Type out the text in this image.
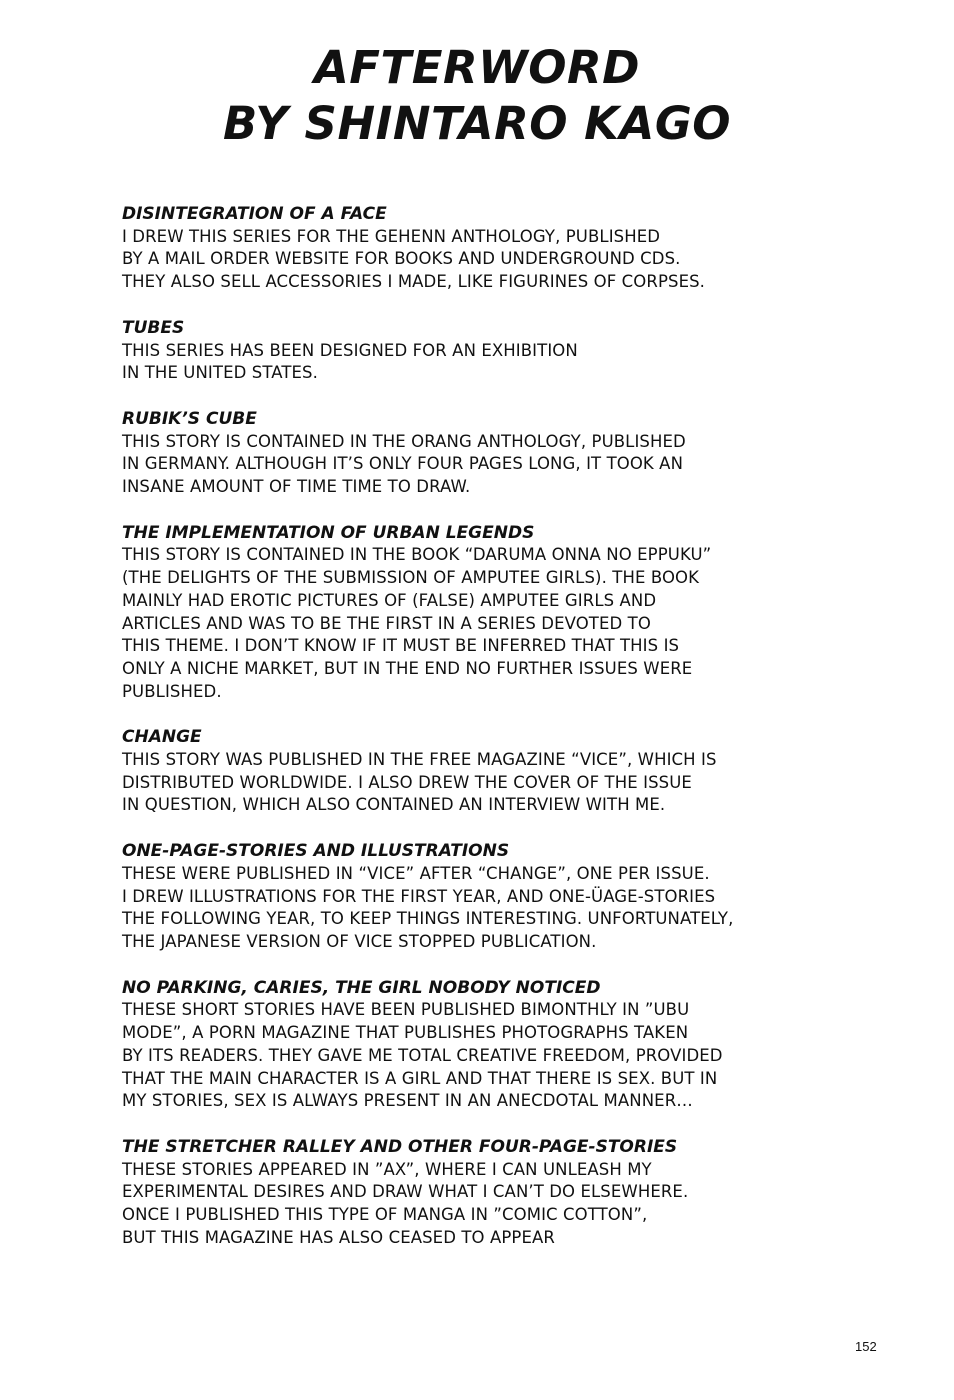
AFTERWORD
BY SHINTARO KAGO

DISINTEGRATION OF A FACE

I DREW THIS SERIES FOR THE GEHENN ANTHOLOGY, PUBLISHED

BY A MAIL ORDER WEBSITE FOR BOOKS AND UNDERGROUND CDS.

THEY ALSO SELL ACCESSORIES I MADE, LIKE FIGURINES OF CORPSES.

TUBES

THIS SERIES HAS BEEN DESIGNED FOR AN EXHIBITION

IN THE UNITED STATES.

RUBIK’S CUBE

THIS STORY IS CONTAINED IN THE ORANG ANTHOLOGY, PUBLISHED

IN GERMANY. ALTHOUGH IT’S ONLY FOUR PAGES LONG, IT TOOK AN

INSANE AMOUNT OF TIME TIME TO DRAW.

THE IMPLEMENTATION OF URBAN LEGENDS

THIS STORY IS CONTAINED IN THE BOOK “DARUMA ONNA NO EPPUKU”

(THE DELIGHTS OF THE SUBMISSION OF AMPUTEE GIRLS). THE BOOK

MAINLY HAD EROTIC PICTURES OF (FALSE) AMPUTEE GIRLS AND

ARTICLES AND WAS TO BE THE FIRST IN A SERIES DEVOTED TO

THIS THEME. I DON’T KNOW IF IT MUST BE INFERRED THAT THIS IS

ONLY A NICHE MARKET, BUT IN THE END NO FURTHER ISSUES WERE

PUBLISHED.

CHANGE

THIS STORY WAS PUBLISHED IN THE FREE MAGAZINE “VICE”, WHICH IS

DISTRIBUTED WORLDWIDE. I ALSO DREW THE COVER OF THE ISSUE

IN QUESTION, WHICH ALSO CONTAINED AN INTERVIEW WITH ME.

ONE-PAGE-STORIES AND ILLUSTRATIONS

THESE WERE PUBLISHED IN “VICE” AFTER “CHANGE”, ONE PER ISSUE.

I DREW ILLUSTRATIONS FOR THE FIRST YEAR, AND ONE-ÜAGE-STORIES

THE FOLLOWING YEAR, TO KEEP THINGS INTERESTING. UNFORTUNATELY,

THE JAPANESE VERSION OF VICE STOPPED PUBLICATION.

NO PARKING, CARIES, THE GIRL NOBODY NOTICED

THESE SHORT STORIES HAVE BEEN PUBLISHED BIMONTHLY IN ”UBU

MODE”, A PORN MAGAZINE THAT PUBLISHES PHOTOGRAPHS TAKEN

BY ITS READERS. THEY GAVE ME TOTAL CREATIVE FREEDOM, PROVIDED

THAT THE MAIN CHARACTER IS A GIRL AND THAT THERE IS SEX. BUT IN

MY STORIES, SEX IS ALWAYS PRESENT IN AN ANECDOTAL MANNER…

THE STRETCHER RALLEY AND OTHER FOUR-PAGE-STORIES

THESE STORIES APPEARED IN ”AX”, WHERE I CAN UNLEASH MY

EXPERIMENTAL DESIRES AND DRAW WHAT I CAN’T DO ELSEWHERE.

ONCE I PUBLISHED THIS TYPE OF MANGA IN ”COMIC COTTON”,

BUT THIS MAGAZINE HAS ALSO CEASED TO APPEAR

152
